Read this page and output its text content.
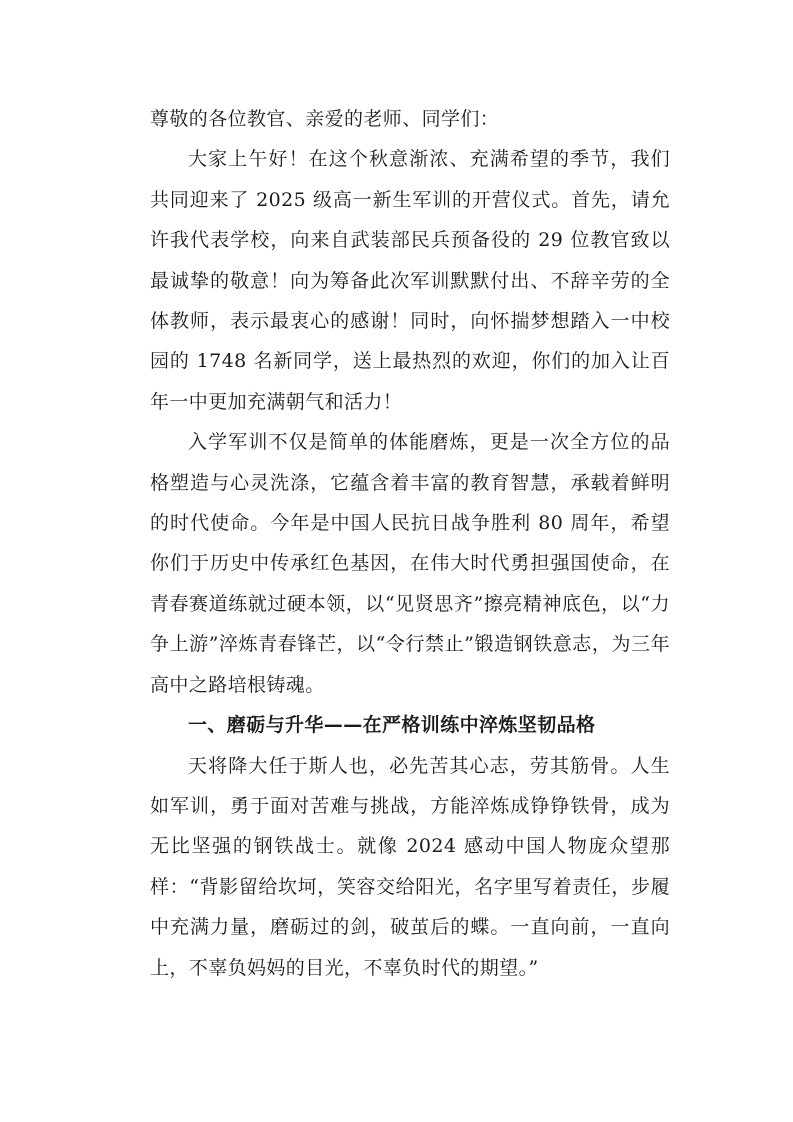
尊敬的各位教官、亲爱的老师、同学们：

大家上午好！在这个秋意渐浓、充满希望的季节，我们共同迎来了 2025 级高一新生军训的开营仪式。首先，请允许我代表学校，向来自武装部民兵预备役的 29 位教官致以最诚挚的敬意！向为筹备此次军训默默付出、不辞辛劳的全体教师，表示最衷心的感谢！同时，向怀揣梦想踏入一中校园的 1748 名新同学，送上最热烈的欢迎，你们的加入让百年一中更加充满朝气和活力！

入学军训不仅是简单的体能磨炼，更是一次全方位的品格塑造与心灵洗涤，它蕴含着丰富的教育智慧，承载着鲜明的时代使命。今年是中国人民抗日战争胜利 80 周年，希望你们于历史中传承红色基因，在伟大时代勇担强国使命，在青春赛道练就过硬本领，以“见贤思齐”擦亮精神底色，以“力争上游”淬炼青春锋芒，以“令行禁止”锻造钢铁意志，为三年高中之路培根铸魂。

一、磨砺与升华——在严格训练中淬炼坚韧品格

天将降大任于斯人也，必先苦其心志，劳其筋骨。人生如军训，勇于面对苦难与挑战，方能淬炼成铮铮铁骨，成为无比坚强的钢铁战士。就像 2024 感动中国人物庞众望那样：“背影留给坎坷，笑容交给阳光，名字里写着责任，步履中充满力量，磨砺过的剑，破茧后的蝶。一直向前，一直向上，不辜负妈妈的目光，不辜负时代的期望。”
